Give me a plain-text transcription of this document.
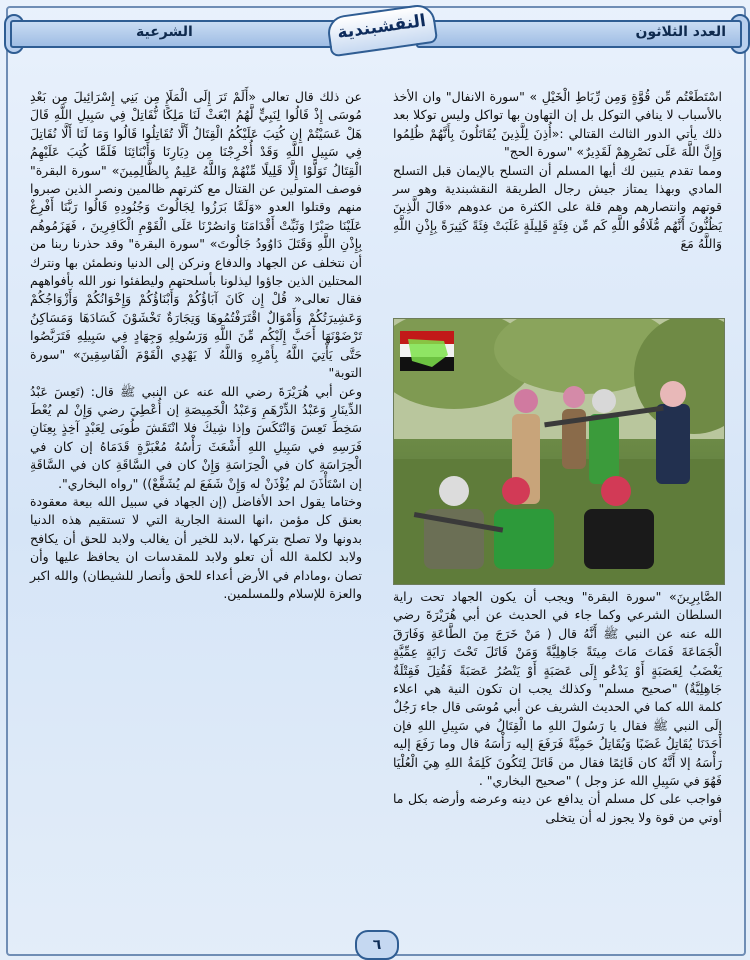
العدد الثلاثون
الشرعية	النقشبندية

اسْتَطَعْتُم مِّن قُوَّةٍ وَمِن رِّبَاطِ الْخَيْلِ » "سورة الانفال" وان الأخذ بالأسباب لا ينافي التوكل بل إن التهاون بها تواكل وليس توكلا بعد ذلك يأتي الدور الثالث القتالي :«أُذِنَ لِلَّذِينَ يُقَاتَلُونَ بِأَنَّهُمْ ظُلِمُوا وَإِنَّ اللَّهَ عَلَى نَصْرِهِمْ لَقَدِيرٌ» "سورة الحج"

ومما تقدم يتبين لك أيها المسلم أن التسلح بالإيمان قبل التسلح المادي وبهذا يمتاز جيش رجال الطريقة النقشبندية وهو سر قوتهم وانتصارهم وهم قلة على الكثرة من عدوهم «قَالَ الَّذِينَ يَظُنُّونَ أَنَّهُم مُّلَاقُو اللَّهِ كَم مِّن فِئَةٍ قَلِيلَةٍ غَلَبَتْ فِئَةً كَثِيرَةً بِإِذْنِ اللَّهِ وَاللَّهُ مَعَ

الصَّابِرِينَ» "سورة البقرة" ويجب أن يكون الجهاد تحت راية السلطان الشرعي وكما جاء في الحديث عن أبي هُرَيْرَةَ رضي الله عنه عن النبي ﷺ أَنَّهُ قال ( مَنْ خَرَجَ مِنَ الطَّاعَةِ وَفَارَقَ الْجَمَاعَةَ فَمَاتَ مَاتَ مِيتَةً جَاهِلِيَّةً وَمَنْ قَاتَلَ تَحْتَ رَايَةٍ عِمِّيَّةٍ يَغْضَبُ لِعَصَبَةٍ أَوْ يَدْعُو إِلَى عَصَبَةٍ أَوْ يَنْصُرُ عَصَبَةً فَقُتِلَ فَقِتْلَةٌ جَاهِلِيَّةٌ) "صحيح مسلم" وكذلك يجب ان تكون النية هي اعلاء كلمة الله كما في الحديث الشريف عن أبي مُوسَى قال جاء رَجُلٌ إِلَى النبي ﷺ فقال يا رَسُولَ اللهِ ما الْقِتَالُ في سَبِيلِ اللهِ فإن أَحَدَنَا يُقَاتِلُ غَضَبًا وَيُقَاتِلُ حَمِيَّةً فَرَفَعَ إليه رَأْسَهُ قال وما رَفَعَ إليه رَأْسَهُ إلا أَنَّهُ كان قَائِمًا فقال من قَاتَلَ لِتَكُونَ كَلِمَةُ اللهِ هِيَ الْعُلْيَا فَهُوَ في سَبِيلِ الله عز وجل ) "صحيح البخاري" .

فواجب على كل مسلم أن يدافع عن دينه وعرضه وأرضه بكل ما أوتي من قوة ولا يجوز له أن يتخلى

عن ذلك قال تعالى «أَلَمْ تَرَ إِلَى الْمَلَإِ مِن بَنِي إِسْرَائِيلَ مِن بَعْدِ مُوسَى إِذْ قَالُوا لِنَبِيٍّ لَّهُمُ ابْعَثْ لَنَا مَلِكًا نُّقَاتِلْ فِي سَبِيلِ اللَّهِ قَالَ هَلْ عَسَيْتُمْ إِن كُتِبَ عَلَيْكُمُ الْقِتَالُ أَلَّا تُقَاتِلُوا قَالُوا وَمَا لَنَا أَلَّا نُقَاتِلَ فِي سَبِيلِ اللَّهِ وَقَدْ أُخْرِجْنَا مِن دِيَارِنَا وَأَبْنَائِنَا فَلَمَّا كُتِبَ عَلَيْهِمُ الْقِتَالُ تَوَلَّوْا إِلَّا قَلِيلًا مِّنْهُمْ وَاللَّهُ عَلِيمٌ بِالظَّالِمِينَ» "سورة البقرة" فوصف المتولين عن القتال مع كثرتهم ظالمين ونصر الذين صبروا منهم وقتلوا العدو «وَلَمَّا بَرَزُوا لِجَالُوتَ وَجُنُودِهِ قَالُوا رَبَّنَا أَفْرِغْ عَلَيْنَا صَبْرًا وَثَبِّتْ أَقْدَامَنَا وَانصُرْنَا عَلَى الْقَوْمِ الْكَافِرِينَ ، فَهَزَمُوهُم بِإِذْنِ اللَّهِ وَقَتَلَ دَاوُودُ جَالُوتَ» "سورة البقرة" وقد حذرنا ربنا من أن نتخلف عن الجهاد والدفاع ونركن إلى الدنيا ونطمئن بها ونترك المحتلين الذين جاؤوا ليذلونا بأسلحتهم وليطفئوا نور الله بأفواههم فقال تعالى« قُلْ إِن كَانَ آبَاؤُكُمْ وَأَبْنَاؤُكُمْ وَإِخْوَانُكُمْ وَأَزْوَاجُكُمْ وَعَشِيرَتُكُمْ وَأَمْوَالٌ اقْتَرَفْتُمُوهَا وَتِجَارَةٌ تَخْشَوْنَ كَسَادَهَا وَمَسَاكِنُ تَرْضَوْنَهَا أَحَبَّ إِلَيْكُم مِّنَ اللَّهِ وَرَسُولِهِ وَجِهَادٍ فِي سَبِيلِهِ فَتَرَبَّصُوا حَتَّى يَأْتِيَ اللَّهُ بِأَمْرِهِ وَاللَّهُ لَا يَهْدِي الْقَوْمَ الْفَاسِقِينَ» "سورة التوبة"

وعن أبي هُرَيْرَةَ رضي الله عنه عن النبي ﷺ قال: (تَعِسَ عَبْدُ الدِّينَارِ وَعَبْدُ الدِّرْهَمِ وَعَبْدُ الْخَمِيصَةِ إن أُعْطِيَ رضي وَإِنْ لم يُعْطَ سَخِطَ تَعِسَ وَانْتَكَسَ وإذا شِيكَ فلا انْتَقَشَ طُوبَى لِعَبْدٍ آخِذٍ بِعِنَانِ فَرَسِهِ في سَبِيلِ اللهِ أَشْعَثَ رَأْسُهُ مُغْبَرَّةٍ قَدَمَاهُ إن كان في الْحِرَاسَةِ كان في الْحِرَاسَةِ وَإِنْ كان في السَّاقَةِ كان في السَّاقَةِ إن اسْتَأْذَنَ لم يُؤْذَنْ له وَإِنْ شَفَعَ لم يُشَفَّعْ)) "رواه البخاري".

وختاما يقول احد الأفاضل (إن الجهاد في سبيل الله بيعة معقودة بعنق كل مؤمن ،انها السنة الجارية التي لا تستقيم هذه الدنيا بدونها ولا تصلح بتركها ،لابد للخير أن يغالب ولابد للحق أن يكافح ولابد لكلمة الله أن تعلو ولابد للمقدسات ان يحافظ عليها وأن تصان ،ومادام في الأرض أعداء للحق وأنصار للشيطان) والله اكبر والعزة للإسلام وللمسلمين.

٦
